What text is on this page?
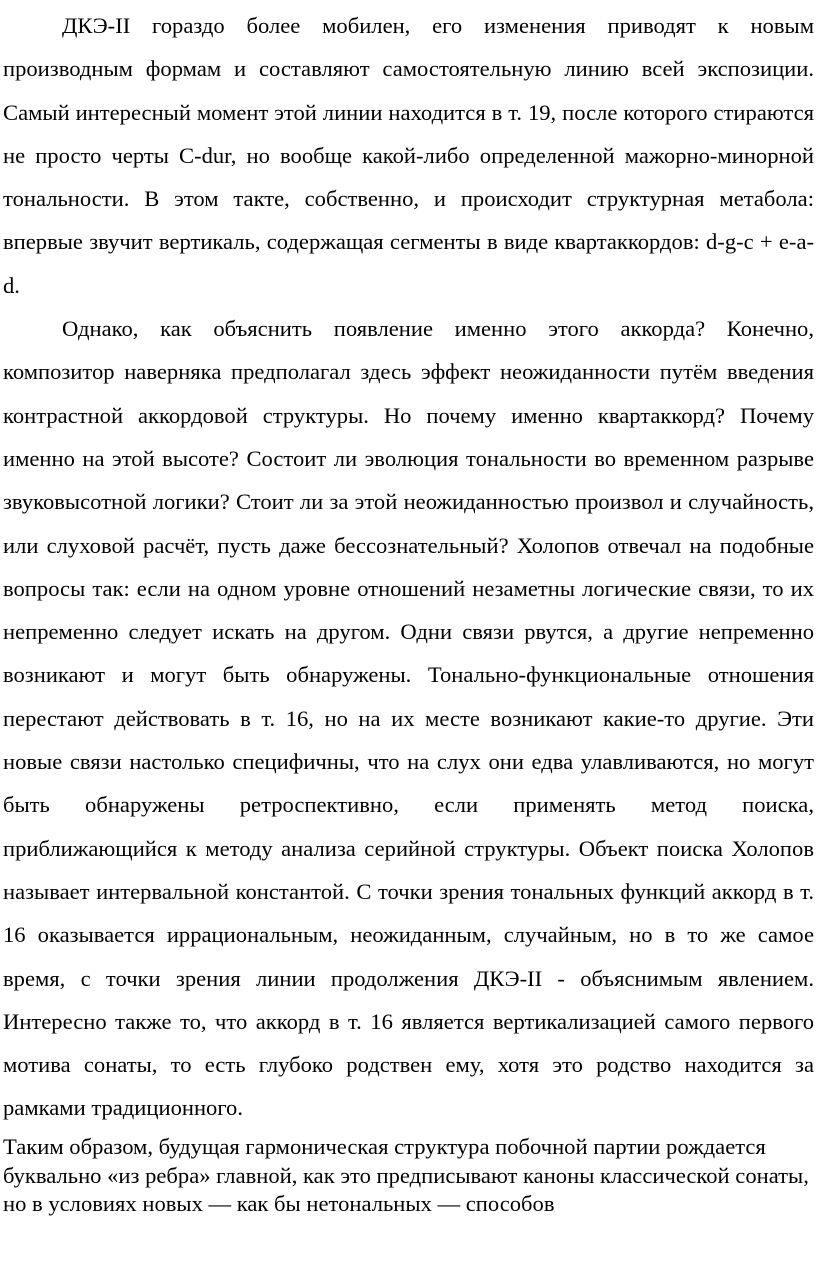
ДКЭ-II гораздо более мобилен, его изменения приводят к новым производным формам и составляют самостоятельную линию всей экспозиции. Самый интересный момент этой линии находится в т. 19, после которого стираются не просто черты C-dur, но вообще какой-либо определенной мажорно-минорной тональности. В этом такте, собственно, и происходит структурная метабола: впервые звучит вертикаль, содержащая сегменты в виде квартаккордов: d-g-c + e-a-d.

Однако, как объяснить появление именно этого аккорда? Конечно, композитор наверняка предполагал здесь эффект неожиданности путём введения контрастной аккордовой структуры. Но почему именно квартаккорд? Почему именно на этой высоте? Состоит ли эволюция тональности во временном разрыве звуковысотной логики? Стоит ли за этой неожиданностью произвол и случайность, или слуховой расчёт, пусть даже бессознательный? Холопов отвечал на подобные вопросы так: если на одном уровне отношений незаметны логические связи, то их непременно следует искать на другом. Одни связи рвутся, а другие непременно возникают и могут быть обнаружены. Тонально-функциональные отношения перестают действовать в т. 16, но на их месте возникают какие-то другие. Эти новые связи настолько специфичны, что на слух они едва улавливаются, но могут быть обнаружены ретроспективно, если применять метод поиска, приближающийся к методу анализа серийной структуры. Объект поиска Холопов называет интервальной константой. С точки зрения тональных функций аккорд в т. 16 оказывается иррациональным, неожиданным, случайным, но в то же самое время, с точки зрения линии продолжения ДКЭ-II - объяснимым явлением. Интересно также то, что аккорд в т. 16 является вертикализацией самого первого мотива сонаты, то есть глубоко родствен ему, хотя это родство находится за рамками традиционного.

Таким образом, будущая гармоническая структура побочной партии рождается буквально «из ребра» главной, как это предписывают каноны классической сонаты, но в условиях новых — как бы нетональных — способов
